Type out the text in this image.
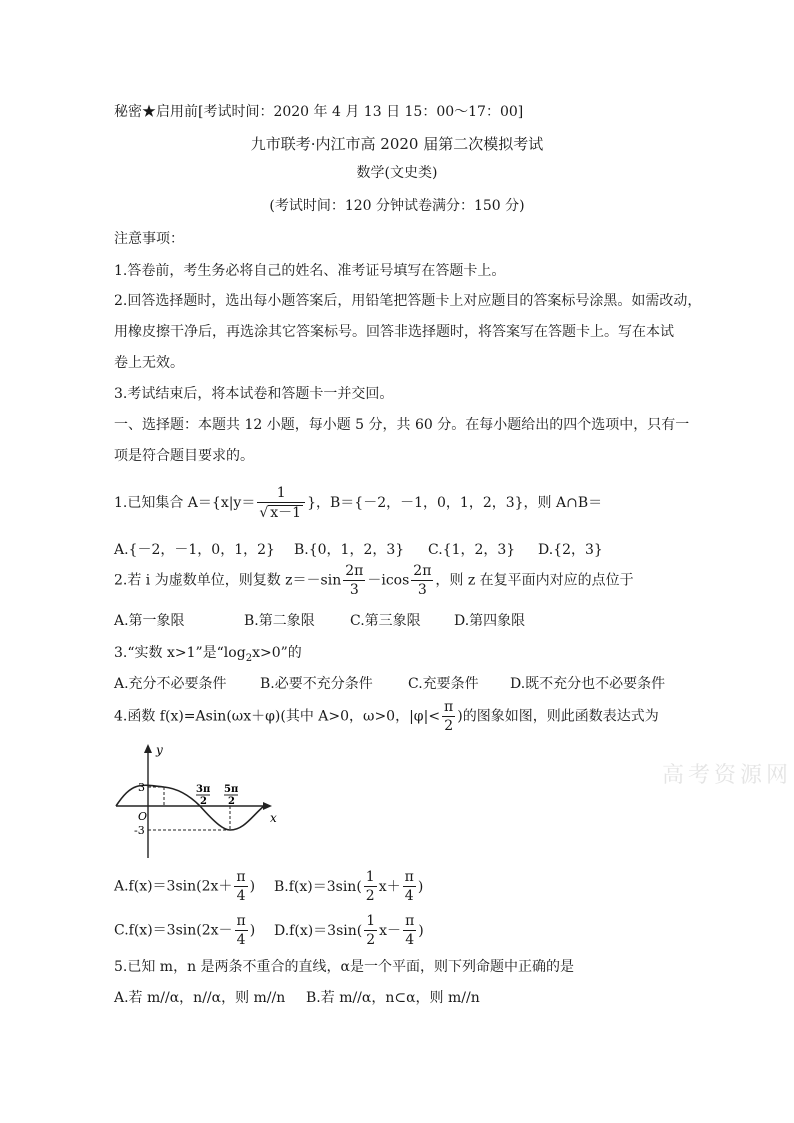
秘密★启用前[考试时间：2020 年 4 月 13 日 15：00～17：00]
九市联考·内江市高 2020 届第二次模拟考试
数学(文史类)
(考试时间：120 分钟试卷满分：150 分)
注意事项：
1.答卷前，考生务必将自己的姓名、准考证号填写在答题卡上。
2.回答选择题时，选出每小题答案后，用铅笔把答题卡上对应题目的答案标号涂黑。如需改动，
用橡皮擦干净后，再选涂其它答案标号。回答非选择题时，将答案写在答题卡上。写在本试
卷上无效。
3.考试结束后，将本试卷和答题卡一并交回。
一、选择题：本题共 12 小题，每小题 5 分，共 60 分。在每小题给出的四个选项中，只有一
项是符合题目要求的。
1.已知集合 $A=\{x|y= \frac{1}{√ x-1}$ }，B＝{－2，－1，0，1，2，3}，则 A∩B＝
A.{－2，－1，0，1，2} B.{0，1，2，3} C.{1，2，3} D.{2，3}
2.若 i 为虚数单位，则复数 $z=-\sin \frac{2\pi}{3} -icos \frac{2\pi}{3}$ ，则 z 在复平面内对应的点位于
A.第一象限	B.第二象限	C.第三象限 D.第四象限
3.“实数 x>1”是“$\log_2x>0$”的
A.充分不必要条件 B.必要不充分条件	C.充要条件 D.既不充分也不必要条件
4.函数 f(x)=Asin(ωx＋φ)(其中 A>0，ω>0，$|\varphi|< \frac{\pi}{2}$ )的图象如图，则此函数表达式为
y
x
O
3
-3
3π
2
5π
2
高考资源网
$A.f(x)=3\sin(2x+ \frac{\pi}{4}$ ) $B.f(x)=3\sin( \frac{1}{2} x+ \frac{\pi}{4}$ )
$C.f(x)=3\sin(2x- \frac{\pi}{4}$ ) $D.f(x)=3\sin( \frac{1}{2} x- \frac{\pi}{4}$ )
5.已知 m，n 是两条不重合的直线，α是一个平面，则下列命题中正确的是
A.若 m//α，n//α，则 m//n B.若 m//α，n⊂α，则 m//n
